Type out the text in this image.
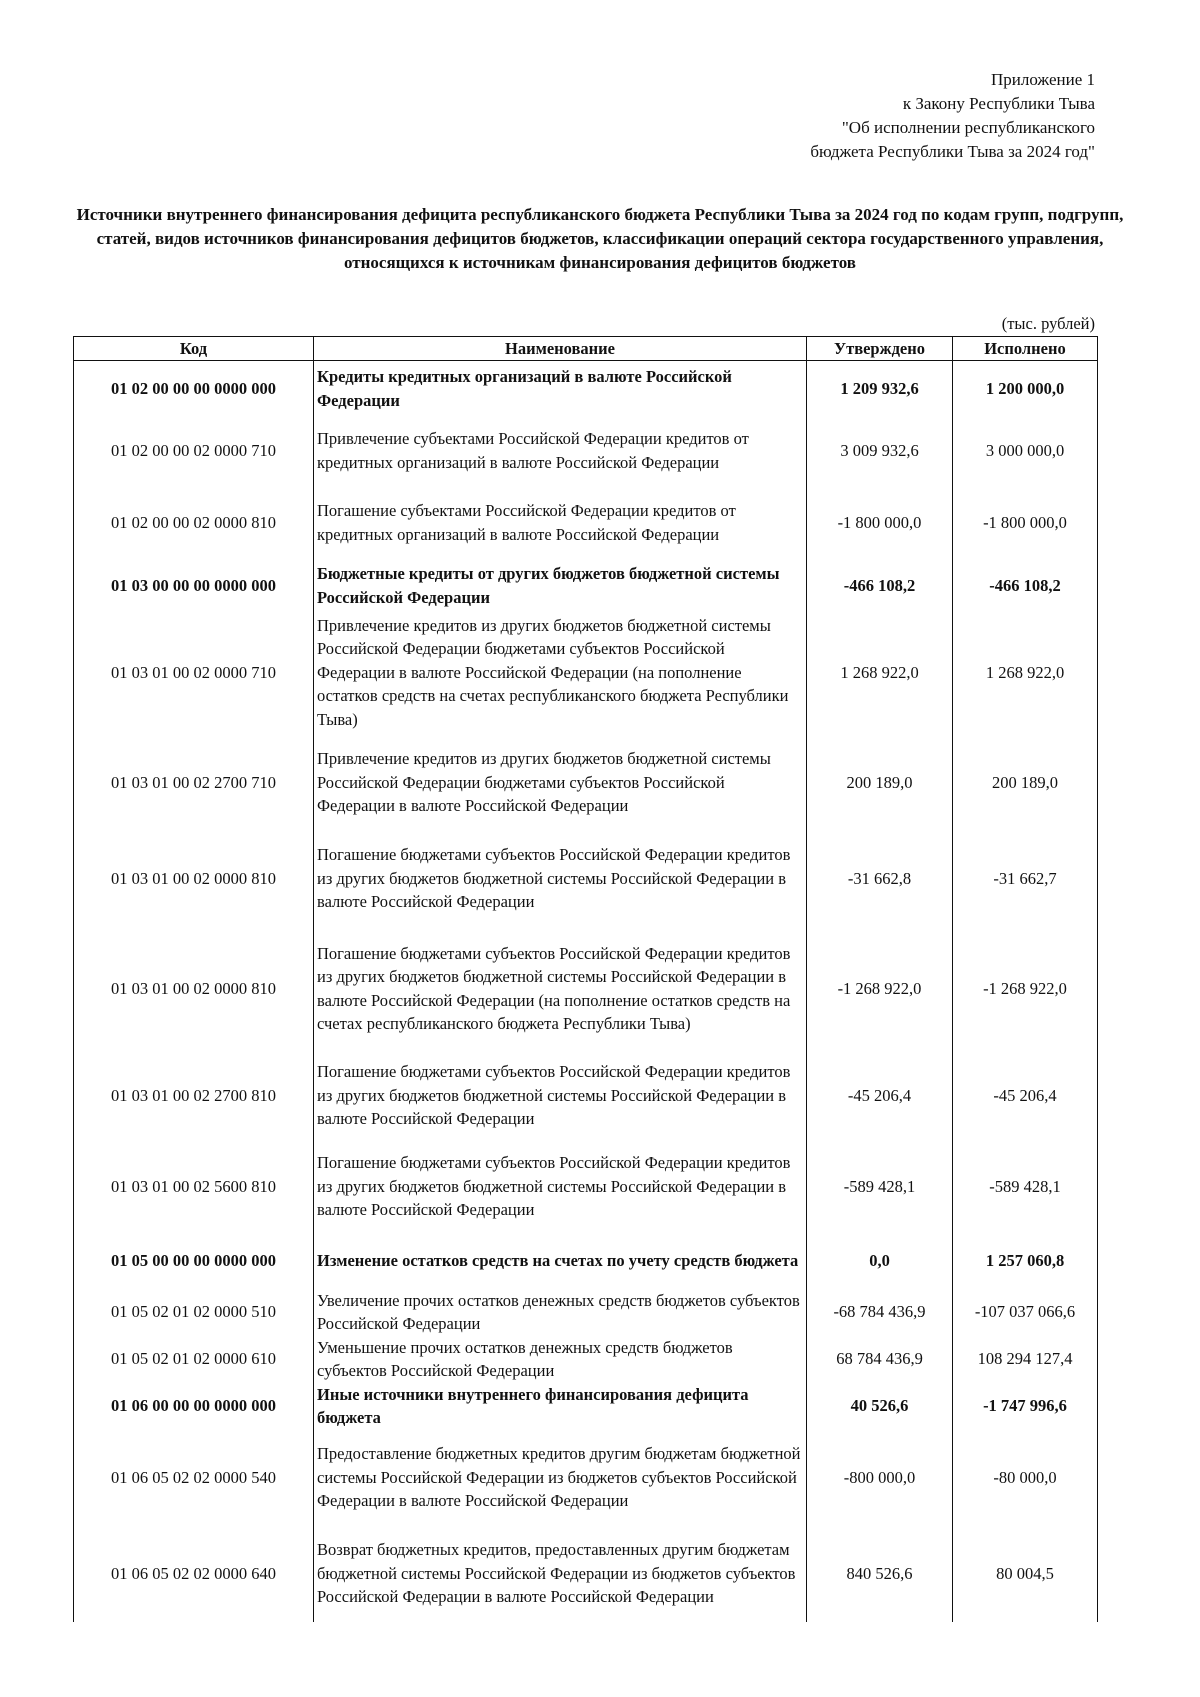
Приложение 1
к Закону Республики Тыва
"Об исполнении республиканского
бюджета Республики Тыва за 2024 год"
Источники внутреннего финансирования дефицита республиканского бюджета Республики Тыва за 2024 год по кодам групп, подгрупп, статей, видов источников финансирования дефицитов бюджетов, классификации операций сектора государственного управления, относящихся к источникам финансирования дефицитов бюджетов
(тыс. рублей)
Код	Наименование	Утверждено	Исполнено
01 02 00 00 00 0000 000	Кредиты кредитных организаций в валюте Российской Федерации	1 209 932,6	1 200 000,0
01 02 00 00 02 0000 710	Привлечение субъектами Российской Федерации кредитов от кредитных организаций в валюте Российской Федерации	3 009 932,6	3 000 000,0
01 02 00 00 02 0000 810	Погашение субъектами Российской Федерации кредитов от кредитных организаций в валюте Российской Федерации	-1 800 000,0	-1 800 000,0
01 03 00 00 00 0000 000	Бюджетные кредиты от других бюджетов бюджетной системы Российской Федерации	-466 108,2	-466 108,2
01 03 01 00 02 0000 710	Привлечение кредитов из других бюджетов бюджетной системы Российской Федерации бюджетами субъектов Российской Федерации в валюте Российской Федерации (на пополнение остатков средств на счетах республиканского бюджета Республики Тыва)	1 268 922,0	1 268 922,0
01 03 01 00 02 2700 710	Привлечение кредитов из других бюджетов бюджетной системы Российской Федерации бюджетами субъектов Российской Федерации в валюте Российской Федерации	200 189,0	200 189,0
01 03 01 00 02 0000 810	Погашение бюджетами субъектов Российской Федерации кредитов из других бюджетов бюджетной системы Российской Федерации в валюте Российской Федерации	-31 662,8	-31 662,7
01 03 01 00 02 0000 810	Погашение бюджетами субъектов Российской Федерации кредитов из других бюджетов бюджетной системы Российской Федерации в валюте Российской Федерации (на пополнение остатков средств на счетах республиканского бюджета Республики Тыва)	-1 268 922,0	-1 268 922,0
01 03 01 00 02 2700 810	Погашение бюджетами субъектов Российской Федерации кредитов из других бюджетов бюджетной системы Российской Федерации в валюте Российской Федерации	-45 206,4	-45 206,4
01 03 01 00 02 5600 810	Погашение бюджетами субъектов Российской Федерации кредитов из других бюджетов бюджетной системы Российской Федерации в валюте Российской Федерации	-589 428,1	-589 428,1
01 05 00 00 00 0000 000	Изменение остатков средств на счетах по учету средств бюджета	0,0	1 257 060,8
01 05 02 01 02 0000 510	Увеличение прочих остатков денежных средств бюджетов субъектов Российской Федерации	-68 784 436,9	-107 037 066,6
01 05 02 01 02 0000 610	Уменьшение прочих остатков денежных средств бюджетов субъектов Российской Федерации	68 784 436,9	108 294 127,4
01 06 00 00 00 0000 000	Иные источники внутреннего финансирования дефицита бюджета	40 526,6	-1 747 996,6
01 06 05 02 02 0000 540	Предоставление бюджетных кредитов другим бюджетам бюджетной системы Российской Федерации из бюджетов субъектов Российской Федерации в валюте Российской Федерации	-800 000,0	-80 000,0
01 06 05 02 02 0000 640	Возврат бюджетных кредитов, предоставленных другим бюджетам бюджетной системы Российской Федерации из бюджетов субъектов Российской Федерации в валюте Российской Федерации	840 526,6	80 004,5
